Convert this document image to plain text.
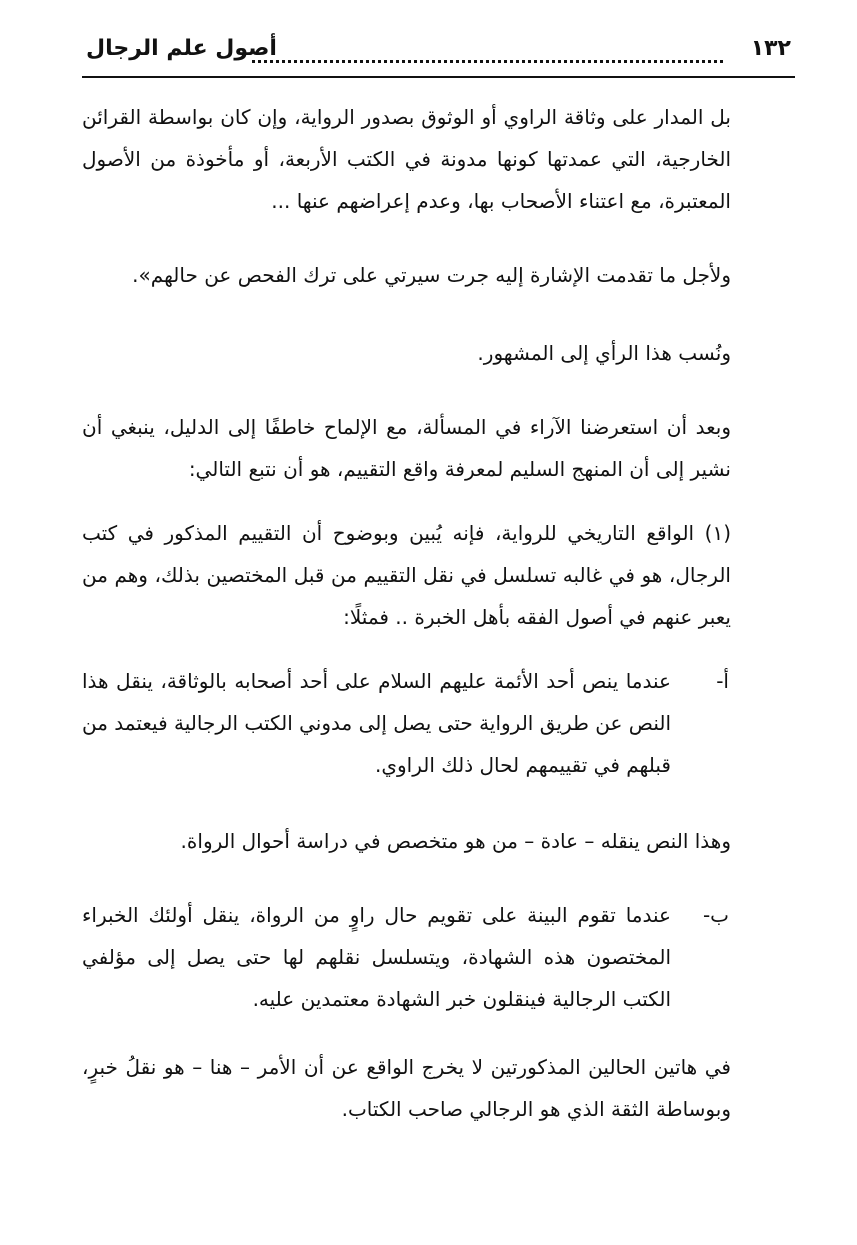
أصول علم الرجال	١٣٢

بل المدار على وثاقة الراوي أو الوثوق بصدور الرواية، وإن كان بواسطة القرائن الخارجية، التي عمدتها كونها مدونة في الكتب الأربعة، أو مأخوذة من الأصول المعتبرة، مع اعتناء الأصحاب بها، وعدم إعراضهم عنها ...

ولأجل ما تقدمت الإشارة إليه جرت سيرتي على ترك الفحص عن حالهم».

ونُسب هذا الرأي إلى المشهور.

وبعد أن استعرضنا الآراء في المسألة، مع الإلماح خاطفًا إلى الدليل، ينبغي أن نشير إلى أن المنهج السليم لمعرفة واقع التقييم، هو أن نتبع التالي:

(١) الواقع التاريخي للرواية، فإنه يُبين وبوضوح أن التقييم المذكور في كتب الرجال، هو في غالبه تسلسل في نقل التقييم من قبل المختصين بذلك، وهم من يعبر عنهم في أصول الفقه بأهل الخبرة .. فمثلًا:

أ-

عندما ينص أحد الأئمة عليهم السلام على أحد أصحابه بالوثاقة، ينقل هذا النص عن طريق الرواية حتى يصل إلى مدوني الكتب الرجالية فيعتمد من قبلهم في تقييمهم لحال ذلك الراوي.

وهذا النص ينقله – عادة – من هو متخصص في دراسة أحوال الرواة.

ب-

عندما تقوم البينة على تقويم حال راوٍ من الرواة، ينقل أولئك الخبراء المختصون هذه الشهادة، ويتسلسل نقلهم لها حتى يصل إلى مؤلفي الكتب الرجالية فينقلون خبر الشهادة معتمدين عليه.

في هاتين الحالين المذكورتين لا يخرج الواقع عن أن الأمر – هنا – هو نقلُ خبرٍ، وبوساطة الثقة الذي هو الرجالي صاحب الكتاب.
